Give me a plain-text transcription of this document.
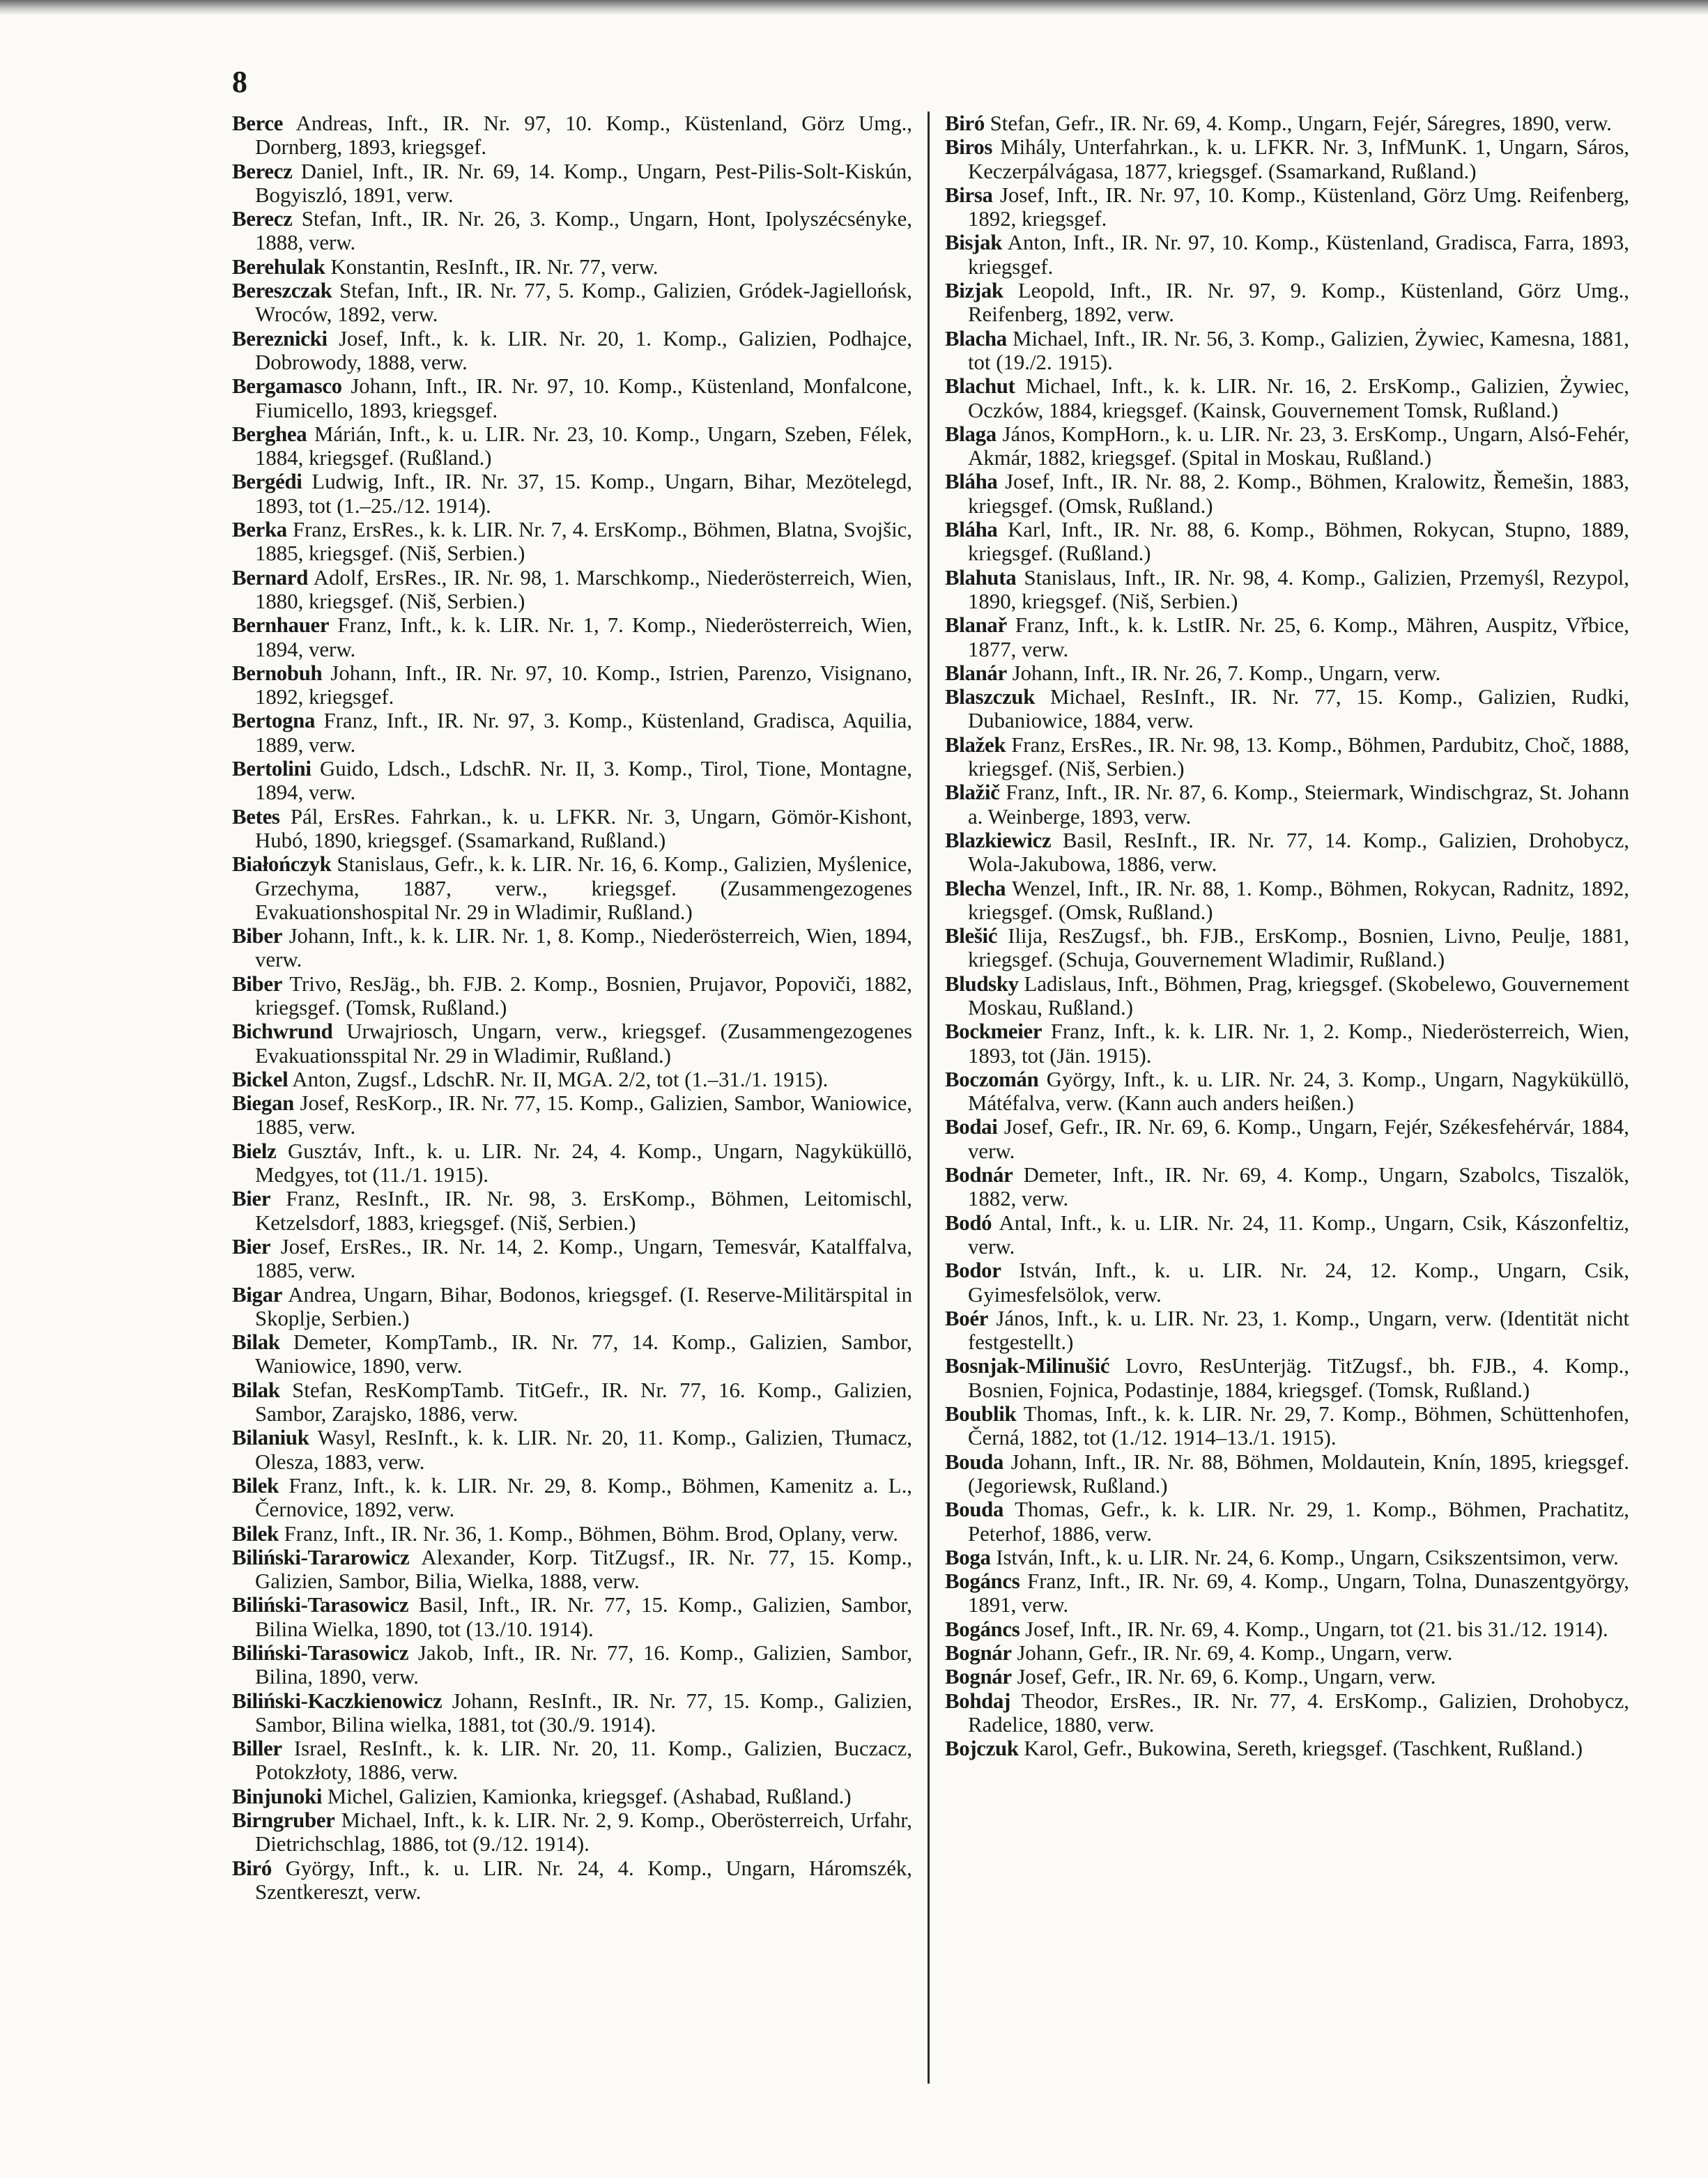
8
Berce Andreas, Inft., IR. Nr. 97, 10. Komp., Küstenland, Görz Umg., Dornberg, 1893, kriegsgef.
Berecz Daniel, Inft., IR. Nr. 69, 14. Komp., Ungarn, Pest-Pilis-Solt-Kiskún, Bogyiszló, 1891, verw.
Berecz Stefan, Inft., IR. Nr. 26, 3. Komp., Ungarn, Hont, Ipolyszécsényke, 1888, verw.
Berehulak Konstantin, ResInft., IR. Nr. 77, verw.
Bereszczak Stefan, Inft., IR. Nr. 77, 5. Komp., Galizien, Gródek-Jagiellońsk, Wroców, 1892, verw.
Bereznicki Josef, Inft., k. k. LIR. Nr. 20, 1. Komp., Galizien, Podhajce, Dobrowody, 1888, verw.
Bergamasco Johann, Inft., IR. Nr. 97, 10. Komp., Küstenland, Monfalcone, Fiumicello, 1893, kriegsgef.
Berghea Márián, Inft., k. u. LIR. Nr. 23, 10. Komp., Ungarn, Szeben, Félek, 1884, kriegsgef. (Rußland.)
Bergédi Ludwig, Inft., IR. Nr. 37, 15. Komp., Ungarn, Bihar, Mezötelegd, 1893, tot (1.–25./12. 1914).
Berka Franz, ErsRes., k. k. LIR. Nr. 7, 4. ErsKomp., Böhmen, Blatna, Svojšic, 1885, kriegsgef. (Niš, Serbien.)
Bernard Adolf, ErsRes., IR. Nr. 98, 1. Marschkomp., Niederösterreich, Wien, 1880, kriegsgef. (Niš, Serbien.)
Bernhauer Franz, Inft., k. k. LIR. Nr. 1, 7. Komp., Niederösterreich, Wien, 1894, verw.
Bernobuh Johann, Inft., IR. Nr. 97, 10. Komp., Istrien, Parenzo, Visignano, 1892, kriegsgef.
Bertogna Franz, Inft., IR. Nr. 97, 3. Komp., Küstenland, Gradisca, Aquilia, 1889, verw.
Bertolini Guido, Ldsch., LdschR. Nr. II, 3. Komp., Tirol, Tione, Montagne, 1894, verw.
Betes Pál, ErsRes. Fahrkan., k. u. LFKR. Nr. 3, Ungarn, Gömör-Kishont, Hubó, 1890, kriegsgef. (Ssamarkand, Rußland.)
Białończyk Stanislaus, Gefr., k. k. LIR. Nr. 16, 6. Komp., Galizien, Myślenice, Grzechyma, 1887, verw., kriegsgef. (Zusammengezogenes Evakuationshospital Nr. 29 in Wladimir, Rußland.)
Biber Johann, Inft., k. k. LIR. Nr. 1, 8. Komp., Niederösterreich, Wien, 1894, verw.
Biber Trivo, ResJäg., bh. FJB. 2. Komp., Bosnien, Prujavor, Popoviči, 1882, kriegsgef. (Tomsk, Rußland.)
Bichwrund Urwajriosch, Ungarn, verw., kriegsgef. (Zusammengezogenes Evakuationsspital Nr. 29 in Wladimir, Rußland.)
Bickel Anton, Zugsf., LdschR. Nr. II, MGA. 2/2, tot (1.–31./1. 1915).
Biegan Josef, ResKorp., IR. Nr. 77, 15. Komp., Galizien, Sambor, Waniowice, 1885, verw.
Bielz Gusztáv, Inft., k. u. LIR. Nr. 24, 4. Komp., Ungarn, Nagyküküllö, Medgyes, tot (11./1. 1915).
Bier Franz, ResInft., IR. Nr. 98, 3. ErsKomp., Böhmen, Leitomischl, Ketzelsdorf, 1883, kriegsgef. (Niš, Serbien.)
Bier Josef, ErsRes., IR. Nr. 14, 2. Komp., Ungarn, Temesvár, Katalffalva, 1885, verw.
Bigar Andrea, Ungarn, Bihar, Bodonos, kriegsgef. (I. Reserve-Militärspital in Skoplje, Serbien.)
Bilak Demeter, KompTamb., IR. Nr. 77, 14. Komp., Galizien, Sambor, Waniowice, 1890, verw.
Bilak Stefan, ResKompTamb. TitGefr., IR. Nr. 77, 16. Komp., Galizien, Sambor, Zarajsko, 1886, verw.
Bilaniuk Wasyl, ResInft., k. k. LIR. Nr. 20, 11. Komp., Galizien, Tłumacz, Olesza, 1883, verw.
Bilek Franz, Inft., k. k. LIR. Nr. 29, 8. Komp., Böhmen, Kamenitz a. L., Černovice, 1892, verw.
Bilek Franz, Inft., IR. Nr. 36, 1. Komp., Böhmen, Böhm. Brod, Oplany, verw.
Biliński-Tararowicz Alexander, Korp. TitZugsf., IR. Nr. 77, 15. Komp., Galizien, Sambor, Bilia, Wielka, 1888, verw.
Biliński-Tarasowicz Basil, Inft., IR. Nr. 77, 15. Komp., Galizien, Sambor, Bilina Wielka, 1890, tot (13./10. 1914).
Biliński-Tarasowicz Jakob, Inft., IR. Nr. 77, 16. Komp., Galizien, Sambor, Bilina, 1890, verw.
Biliński-Kaczkienowicz Johann, ResInft., IR. Nr. 77, 15. Komp., Galizien, Sambor, Bilina wielka, 1881, tot (30./9. 1914).
Biller Israel, ResInft., k. k. LIR. Nr. 20, 11. Komp., Galizien, Buczacz, Potokzłoty, 1886, verw.
Binjunoki Michel, Galizien, Kamionka, kriegsgef. (Ashabad, Rußland.)
Birngruber Michael, Inft., k. k. LIR. Nr. 2, 9. Komp., Oberösterreich, Urfahr, Dietrichschlag, 1886, tot (9./12. 1914).
Biró György, Inft., k. u. LIR. Nr. 24, 4. Komp., Ungarn, Háromszék, Szentkereszt, verw.
Biró Stefan, Gefr., IR. Nr. 69, 4. Komp., Ungarn, Fejér, Sáregres, 1890, verw.
Biros Mihály, Unterfahrkan., k. u. LFKR. Nr. 3, InfMunK. 1, Ungarn, Sáros, Keczerpálvágasa, 1877, kriegsgef. (Ssamarkand, Rußland.)
Birsa Josef, Inft., IR. Nr. 97, 10. Komp., Küstenland, Görz Umg. Reifenberg, 1892, kriegsgef.
Bisjak Anton, Inft., IR. Nr. 97, 10. Komp., Küstenland, Gradisca, Farra, 1893, kriegsgef.
Bizjak Leopold, Inft., IR. Nr. 97, 9. Komp., Küstenland, Görz Umg., Reifenberg, 1892, verw.
Blacha Michael, Inft., IR. Nr. 56, 3. Komp., Galizien, Żywiec, Kamesna, 1881, tot (19./2. 1915).
Blachut Michael, Inft., k. k. LIR. Nr. 16, 2. ErsKomp., Galizien, Żywiec, Oczków, 1884, kriegsgef. (Kainsk, Gouvernement Tomsk, Rußland.)
Blaga János, KompHorn., k. u. LIR. Nr. 23, 3. ErsKomp., Ungarn, Alsó-Fehér, Akmár, 1882, kriegsgef. (Spital in Moskau, Rußland.)
Bláha Josef, Inft., IR. Nr. 88, 2. Komp., Böhmen, Kralowitz, Řemešin, 1883, kriegsgef. (Omsk, Rußland.)
Bláha Karl, Inft., IR. Nr. 88, 6. Komp., Böhmen, Rokycan, Stupno, 1889, kriegsgef. (Rußland.)
Blahuta Stanislaus, Inft., IR. Nr. 98, 4. Komp., Galizien, Przemyśl, Rezypol, 1890, kriegsgef. (Niš, Serbien.)
Blanař Franz, Inft., k. k. LstIR. Nr. 25, 6. Komp., Mähren, Auspitz, Vřbice, 1877, verw.
Blanár Johann, Inft., IR. Nr. 26, 7. Komp., Ungarn, verw.
Blaszczuk Michael, ResInft., IR. Nr. 77, 15. Komp., Galizien, Rudki, Dubaniowice, 1884, verw.
Blažek Franz, ErsRes., IR. Nr. 98, 13. Komp., Böhmen, Pardubitz, Choč, 1888, kriegsgef. (Niš, Serbien.)
Blažič Franz, Inft., IR. Nr. 87, 6. Komp., Steiermark, Windischgraz, St. Johann a. Weinberge, 1893, verw.
Blazkiewicz Basil, ResInft., IR. Nr. 77, 14. Komp., Galizien, Drohobycz, Wola-Jakubowa, 1886, verw.
Blecha Wenzel, Inft., IR. Nr. 88, 1. Komp., Böhmen, Rokycan, Radnitz, 1892, kriegsgef. (Omsk, Rußland.)
Blešić Ilija, ResZugsf., bh. FJB., ErsKomp., Bosnien, Livno, Peulje, 1881, kriegsgef. (Schuja, Gouvernement Wladimir, Rußland.)
Bludsky Ladislaus, Inft., Böhmen, Prag, kriegsgef. (Skobelewo, Gouvernement Moskau, Rußland.)
Bockmeier Franz, Inft., k. k. LIR. Nr. 1, 2. Komp., Niederösterreich, Wien, 1893, tot (Jän. 1915).
Boczomán György, Inft., k. u. LIR. Nr. 24, 3. Komp., Ungarn, Nagyküküllö, Mátéfalva, verw. (Kann auch anders heißen.)
Bodai Josef, Gefr., IR. Nr. 69, 6. Komp., Ungarn, Fejér, Székesfehérvár, 1884, verw.
Bodnár Demeter, Inft., IR. Nr. 69, 4. Komp., Ungarn, Szabolcs, Tiszalök, 1882, verw.
Bodó Antal, Inft., k. u. LIR. Nr. 24, 11. Komp., Ungarn, Csik, Kászonfeltiz, verw.
Bodor István, Inft., k. u. LIR. Nr. 24, 12. Komp., Ungarn, Csik, Gyimesfelsölok, verw.
Boér János, Inft., k. u. LIR. Nr. 23, 1. Komp., Ungarn, verw. (Identität nicht festgestellt.)
Bosnjak-Milinušić Lovro, ResUnterjäg. TitZugsf., bh. FJB., 4. Komp., Bosnien, Fojnica, Podastinje, 1884, kriegsgef. (Tomsk, Rußland.)
Boublik Thomas, Inft., k. k. LIR. Nr. 29, 7. Komp., Böhmen, Schüttenhofen, Černá, 1882, tot (1./12. 1914–13./1. 1915).
Bouda Johann, Inft., IR. Nr. 88, Böhmen, Moldautein, Knín, 1895, kriegsgef. (Jegoriewsk, Rußland.)
Bouda Thomas, Gefr., k. k. LIR. Nr. 29, 1. Komp., Böhmen, Prachatitz, Peterhof, 1886, verw.
Boga István, Inft., k. u. LIR. Nr. 24, 6. Komp., Ungarn, Csikszentsimon, verw.
Bogáncs Franz, Inft., IR. Nr. 69, 4. Komp., Ungarn, Tolna, Dunaszentgyörgy, 1891, verw.
Bogáncs Josef, Inft., IR. Nr. 69, 4. Komp., Ungarn, tot (21. bis 31./12. 1914).
Bognár Johann, Gefr., IR. Nr. 69, 4. Komp., Ungarn, verw.
Bognár Josef, Gefr., IR. Nr. 69, 6. Komp., Ungarn, verw.
Bohdaj Theodor, ErsRes., IR. Nr. 77, 4. ErsKomp., Galizien, Drohobycz, Radelice, 1880, verw.
Bojczuk Karol, Gefr., Bukowina, Sereth, kriegsgef. (Taschkent, Rußland.)
